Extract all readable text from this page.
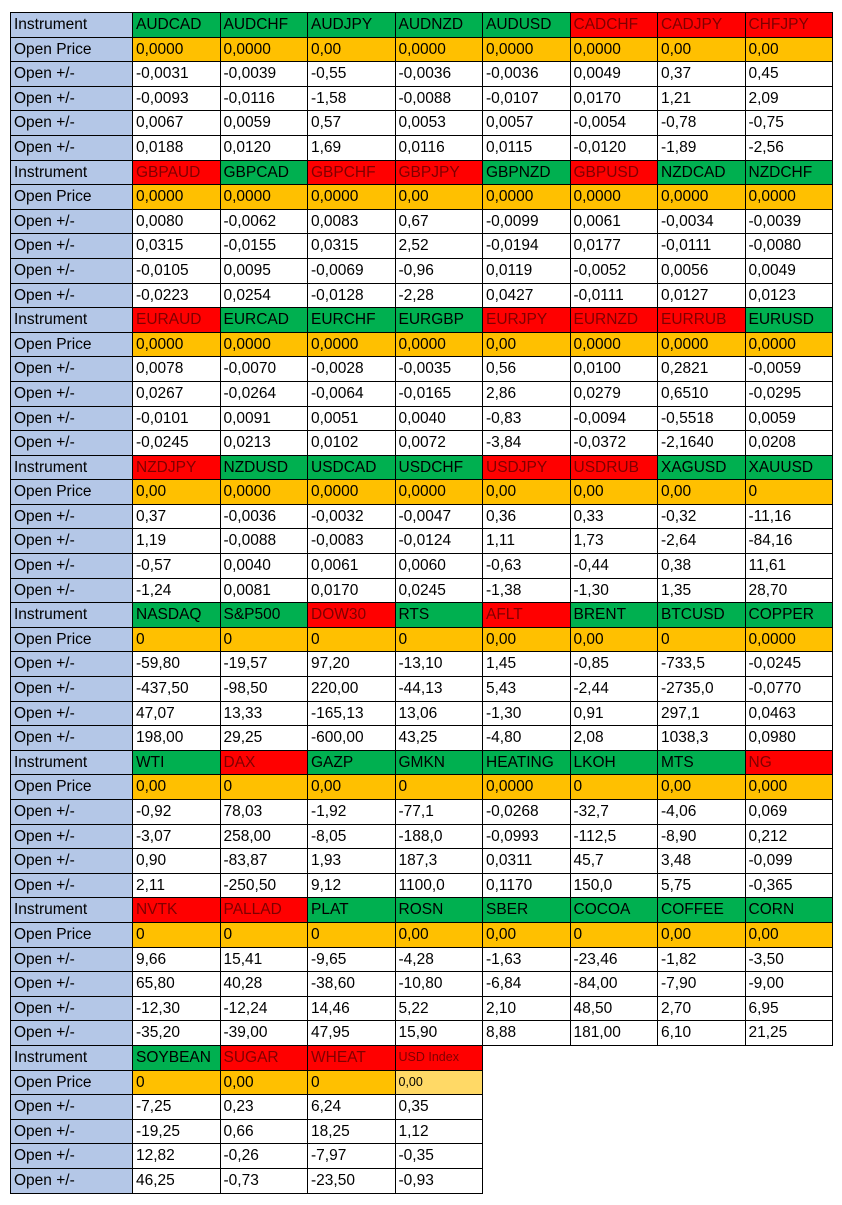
Instrument	AUDCAD	AUDCHF	AUDJPY	AUDNZD	AUDUSD	CADCHF	CADJPY	CHFJPY
Open Price	0,0000	0,0000	0,00	0,0000	0,0000	0,0000	0,00	0,00
Open +/-	-0,0031	-0,0039	-0,55	-0,0036	-0,0036	0,0049	0,37	0,45
Open +/-	-0,0093	-0,0116	-1,58	-0,0088	-0,0107	0,0170	1,21	2,09
Open +/-	0,0067	0,0059	0,57	0,0053	0,0057	-0,0054	-0,78	-0,75
Open +/-	0,0188	0,0120	1,69	0,0116	0,0115	-0,0120	-1,89	-2,56
Instrument	GBPAUD	GBPCAD	GBPCHF	GBPJPY	GBPNZD	GBPUSD	NZDCAD	NZDCHF
Open Price	0,0000	0,0000	0,0000	0,00	0,0000	0,0000	0,0000	0,0000
Open +/-	0,0080	-0,0062	0,0083	0,67	-0,0099	0,0061	-0,0034	-0,0039
Open +/-	0,0315	-0,0155	0,0315	2,52	-0,0194	0,0177	-0,0111	-0,0080
Open +/-	-0,0105	0,0095	-0,0069	-0,96	0,0119	-0,0052	0,0056	0,0049
Open +/-	-0,0223	0,0254	-0,0128	-2,28	0,0427	-0,0111	0,0127	0,0123
Instrument	EURAUD	EURCAD	EURCHF	EURGBP	EURJPY	EURNZD	EURRUB	EURUSD
Open Price	0,0000	0,0000	0,0000	0,0000	0,00	0,0000	0,0000	0,0000
Open +/-	0,0078	-0,0070	-0,0028	-0,0035	0,56	0,0100	0,2821	-0,0059
Open +/-	0,0267	-0,0264	-0,0064	-0,0165	2,86	0,0279	0,6510	-0,0295
Open +/-	-0,0101	0,0091	0,0051	0,0040	-0,83	-0,0094	-0,5518	0,0059
Open +/-	-0,0245	0,0213	0,0102	0,0072	-3,84	-0,0372	-2,1640	0,0208
Instrument	NZDJPY	NZDUSD	USDCAD	USDCHF	USDJPY	USDRUB	XAGUSD	XAUUSD
Open Price	0,00	0,0000	0,0000	0,0000	0,00	0,00	0,00	0
Open +/-	0,37	-0,0036	-0,0032	-0,0047	0,36	0,33	-0,32	-11,16
Open +/-	1,19	-0,0088	-0,0083	-0,0124	1,11	1,73	-2,64	-84,16
Open +/-	-0,57	0,0040	0,0061	0,0060	-0,63	-0,44	0,38	11,61
Open +/-	-1,24	0,0081	0,0170	0,0245	-1,38	-1,30	1,35	28,70
Instrument	NASDAQ	S&P500	DOW30	RTS	AFLT	BRENT	BTCUSD	COPPER
Open Price	0	0	0	0	0,00	0,00	0	0,0000
Open +/-	-59,80	-19,57	97,20	-13,10	1,45	-0,85	-733,5	-0,0245
Open +/-	-437,50	-98,50	220,00	-44,13	5,43	-2,44	-2735,0	-0,0770
Open +/-	47,07	13,33	-165,13	13,06	-1,30	0,91	297,1	0,0463
Open +/-	198,00	29,25	-600,00	43,25	-4,80	2,08	1038,3	0,0980
Instrument	WTI	DAX	GAZP	GMKN	HEATING	LKOH	MTS	NG
Open Price	0,00	0	0,00	0	0,0000	0	0,00	0,000
Open +/-	-0,92	78,03	-1,92	-77,1	-0,0268	-32,7	-4,06	0,069
Open +/-	-3,07	258,00	-8,05	-188,0	-0,0993	-112,5	-8,90	0,212
Open +/-	0,90	-83,87	1,93	187,3	0,0311	45,7	3,48	-0,099
Open +/-	2,11	-250,50	9,12	1100,0	0,1170	150,0	5,75	-0,365
Instrument	NVTK	PALLAD	PLAT	ROSN	SBER	COCOA	COFFEE	CORN
Open Price	0	0	0	0,00	0,00	0	0,00	0,00
Open +/-	9,66	15,41	-9,65	-4,28	-1,63	-23,46	-1,82	-3,50
Open +/-	65,80	40,28	-38,60	-10,80	-6,84	-84,00	-7,90	-9,00
Open +/-	-12,30	-12,24	14,46	5,22	2,10	48,50	2,70	6,95
Open +/-	-35,20	-39,00	47,95	15,90	8,88	181,00	6,10	21,25
Instrument	SOYBEAN	SUGAR	WHEAT	USD Index				
Open Price	0	0,00	0	0,00				
Open +/-	-7,25	0,23	6,24	0,35				
Open +/-	-19,25	0,66	18,25	1,12				
Open +/-	12,82	-0,26	-7,97	-0,35				
Open +/-	46,25	-0,73	-23,50	-0,93				
